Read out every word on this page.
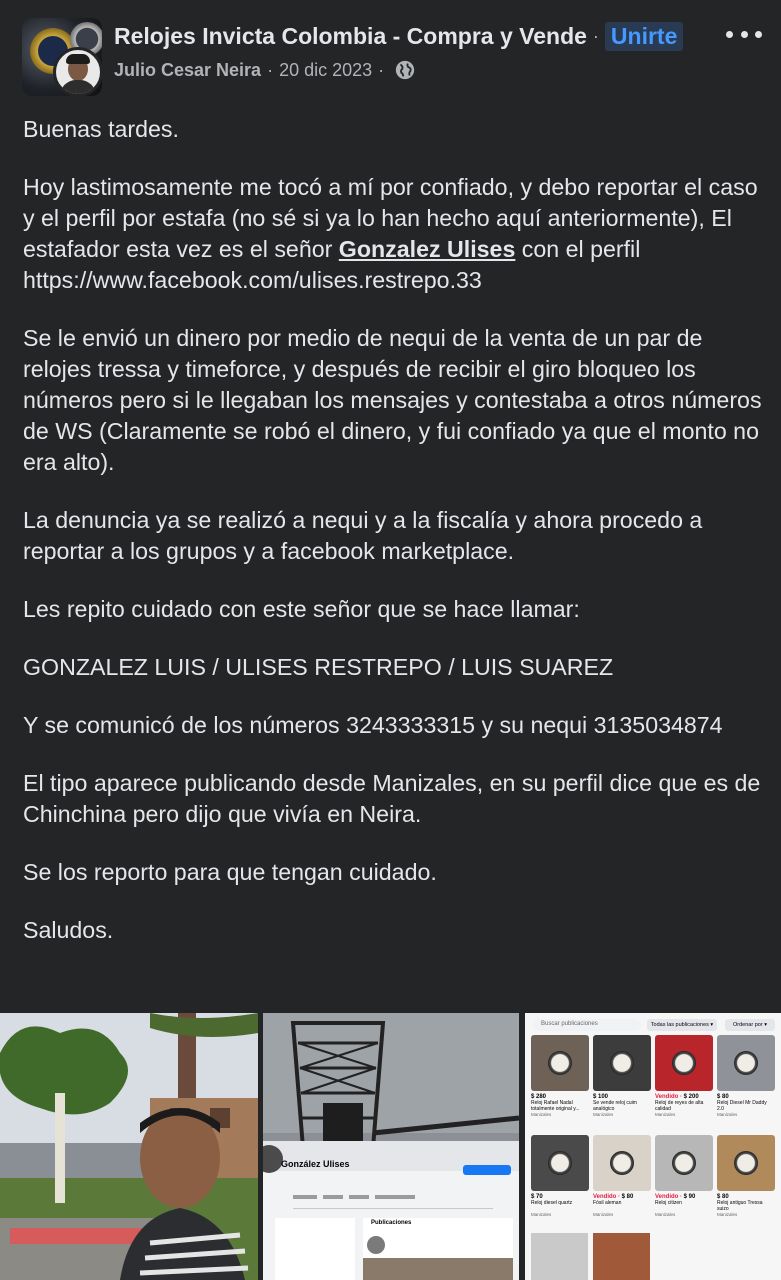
Relojes Invicta Colombia - Compra y Vende · Unirte
Julio Cesar Neira · 20 dic 2023 ·

Buenas tardes.

Hoy lastimosamente me tocó a mí por confiado, y debo reportar el caso y el perfil por estafa (no sé si ya lo han hecho aquí anteriormente), El estafador esta vez es el señor Gonzalez Ulises con el perfil https://www.facebook.com/ulises.restrepo.33

Se le envió un dinero por medio de nequi de la venta de un par de relojes tressa y timeforce, y después de recibir el giro bloqueo los números pero si le llegaban los mensajes y contestaba a otros números de WS (Claramente se robó el dinero, y fui confiado ya que el monto no era alto).

La denuncia ya se realizó a nequi y a la fiscalía y ahora procedo a reportar a los grupos y a facebook marketplace.

Les repito cuidado con este señor que se hace llamar:

GONZALEZ LUIS / ULISES RESTREPO / LUIS SUAREZ

Y se comunicó de los números 3243333315 y su nequi 3135034874

El tipo aparece publicando desde Manizales, en su perfil dice que es de Chinchina pero dijo que vivía en Neira.

Se los reporto para que tengan cuidado.

Saludos.

González Ulises
Publicaciones
Buscar publicaciones	Todas las publicaciones ▾	Ordenar por ▾
$ 280
Reloj Rafael Nadal totalmente original y...
Manizales
$ 100
Se vende reloj cuim analógico
Manizales
Vendido · $ 200
Reloj de reyes de alta calidad
Manizales
$ 80
Reloj Diesel Mr Daddy 2.0
Manizales
$ 70
Reloj diesel quartz
Manizales
Vendido · $ 80
Fósil aleman
Manizales
Vendido · $ 90
Reloj citizen
Manizales
$ 80
Reloj antiguo Tressa suizo
Manizales
